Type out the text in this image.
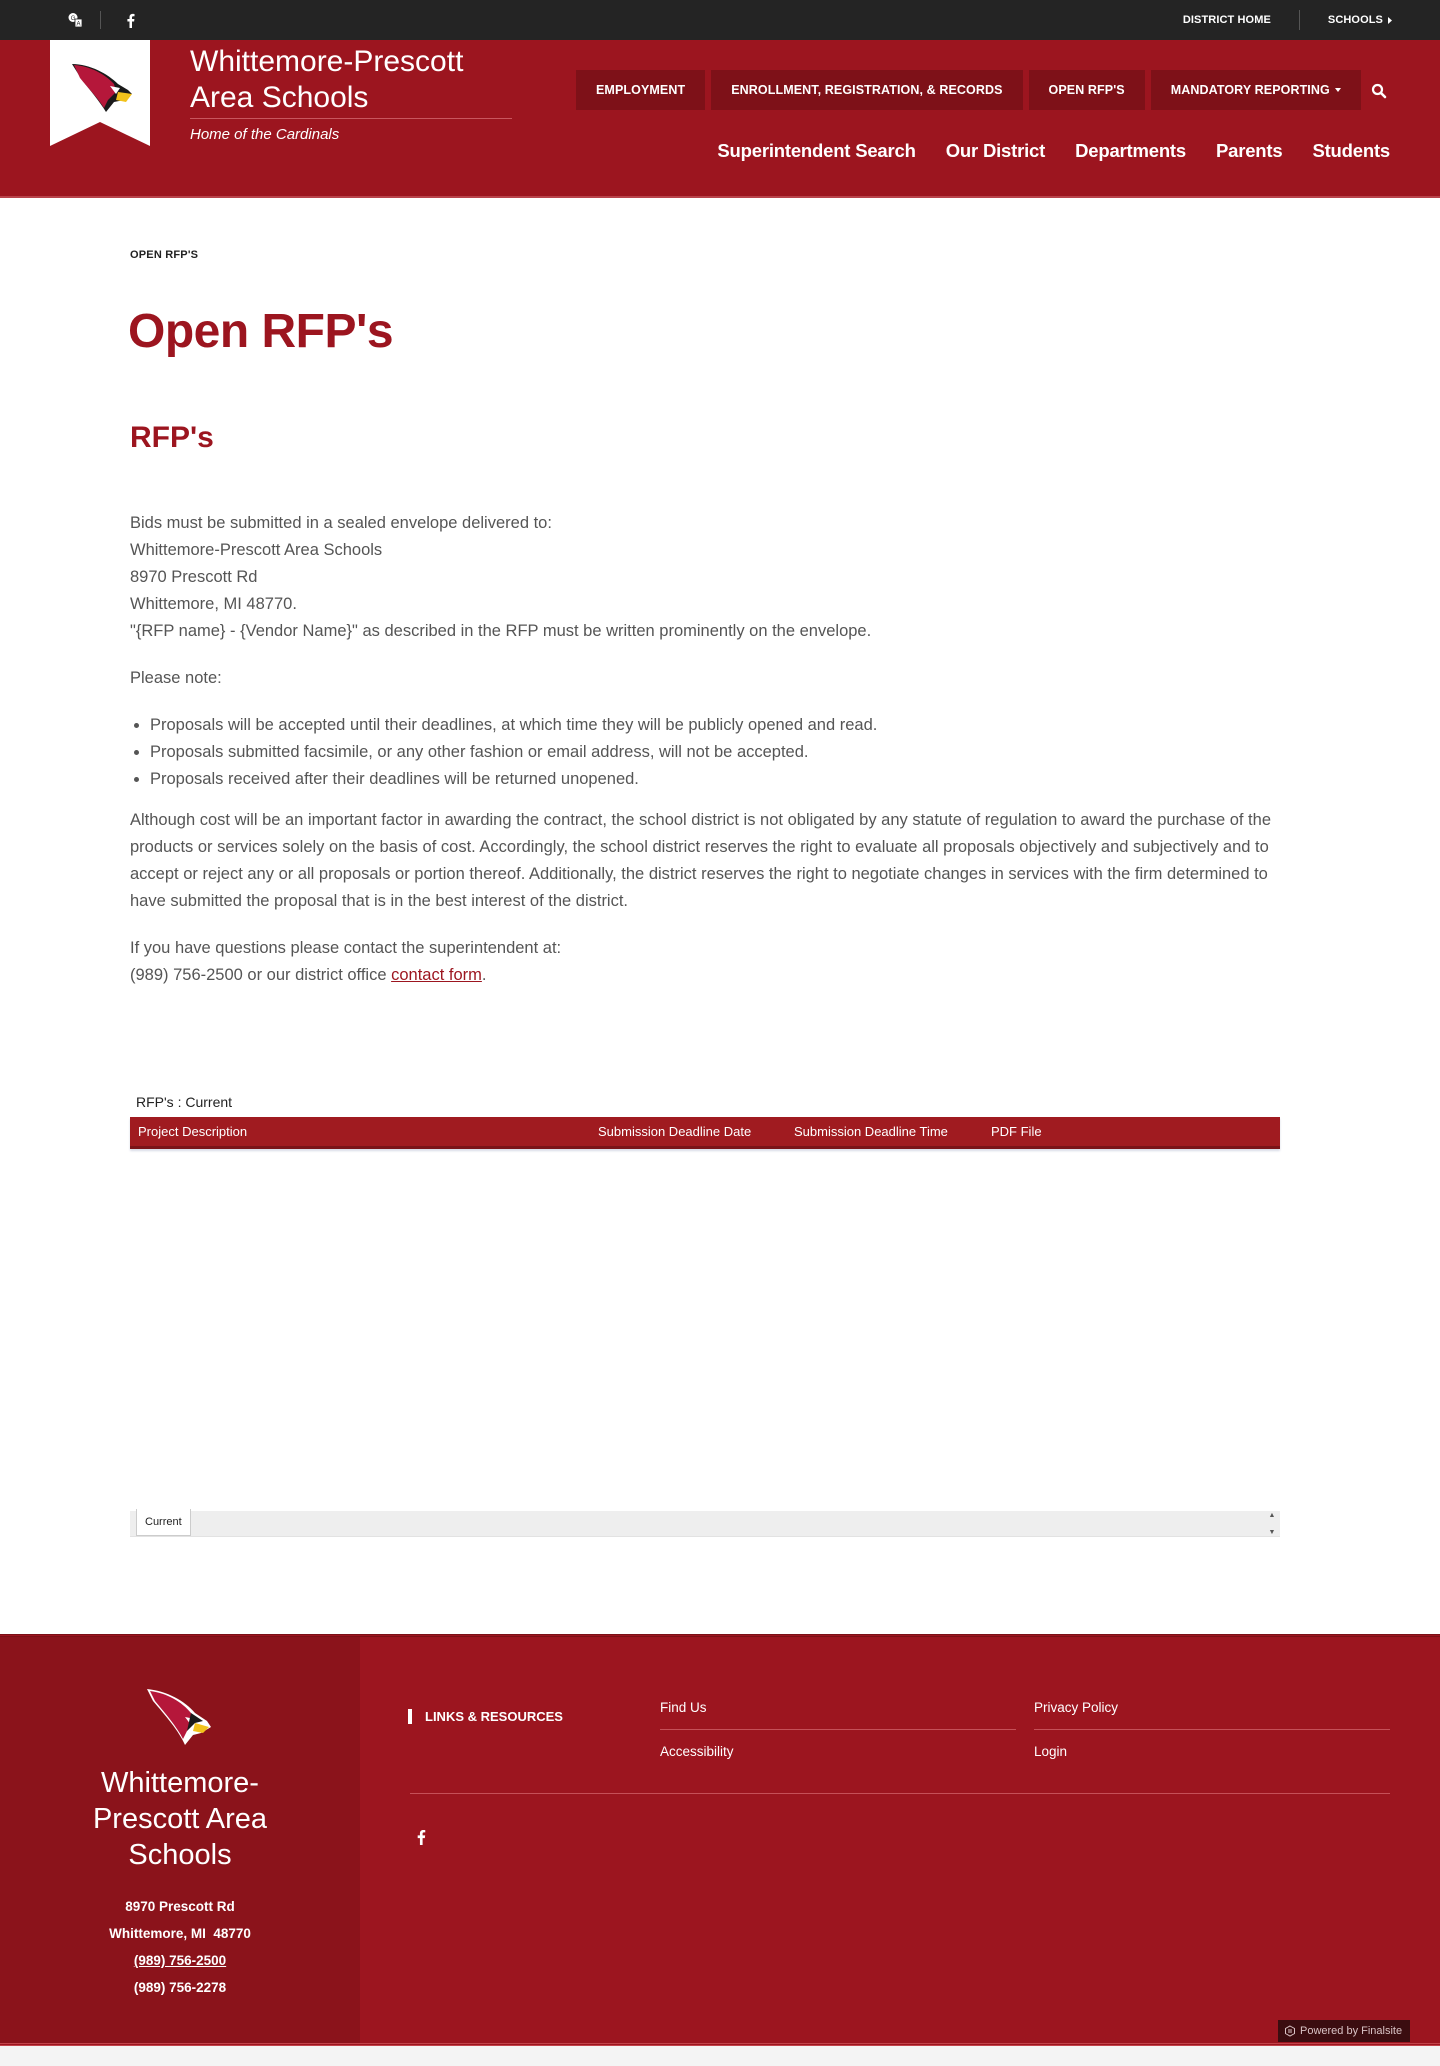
G
A	DISTRICT HOME	SCHOOLS
Whittemore-Prescott
Area Schools
Home of the Cardinals
EMPLOYMENT	ENROLLMENT, REGISTRATION, & RECORDS	OPEN RFP'S	MANDATORY REPORTING
Superintendent Search Our District Departments Parents Students
OPEN RFP'S
Open RFP's
RFP's

Bids must be submitted in a sealed envelope delivered to:
Whittemore-Prescott Area Schools
8970 Prescott Rd
Whittemore, MI 48770.
"{RFP name} - {Vendor Name}" as described in the RFP must be written prominently on the envelope.

Please note:

• Proposals will be accepted until their deadlines, at which time they will be publicly opened and read.
• Proposals submitted facsimile, or any other fashion or email address, will not be accepted.
• Proposals received after their deadlines will be returned unopened.

Although cost will be an important factor in awarding the contract, the school district is not obligated by any statute of regulation to award the purchase of the products or services solely on the basis of cost. Accordingly, the school district reserves the right to evaluate all proposals objectively and subjectively and to accept or reject any or all proposals or portion thereof. Additionally, the district reserves the right to negotiate changes in services with the firm determined to have submitted the proposal that is in the best interest of the district.

If you have questions please contact the superintendent at:
(989) 756-2500 or our district office contact form.

RFP's : Current
Project Description	Submission Deadline Date	Submission Deadline Time	PDF File
Current
▲
▼
Whittemore-Prescott Area Schools
8970 Prescott Rd
Whittemore, MI  48770
(989) 756-2500
(989) 756-2278
LINKS & RESOURCES
Find Us	Privacy Policy
Accessibility	Login
Powered by Finalsite
